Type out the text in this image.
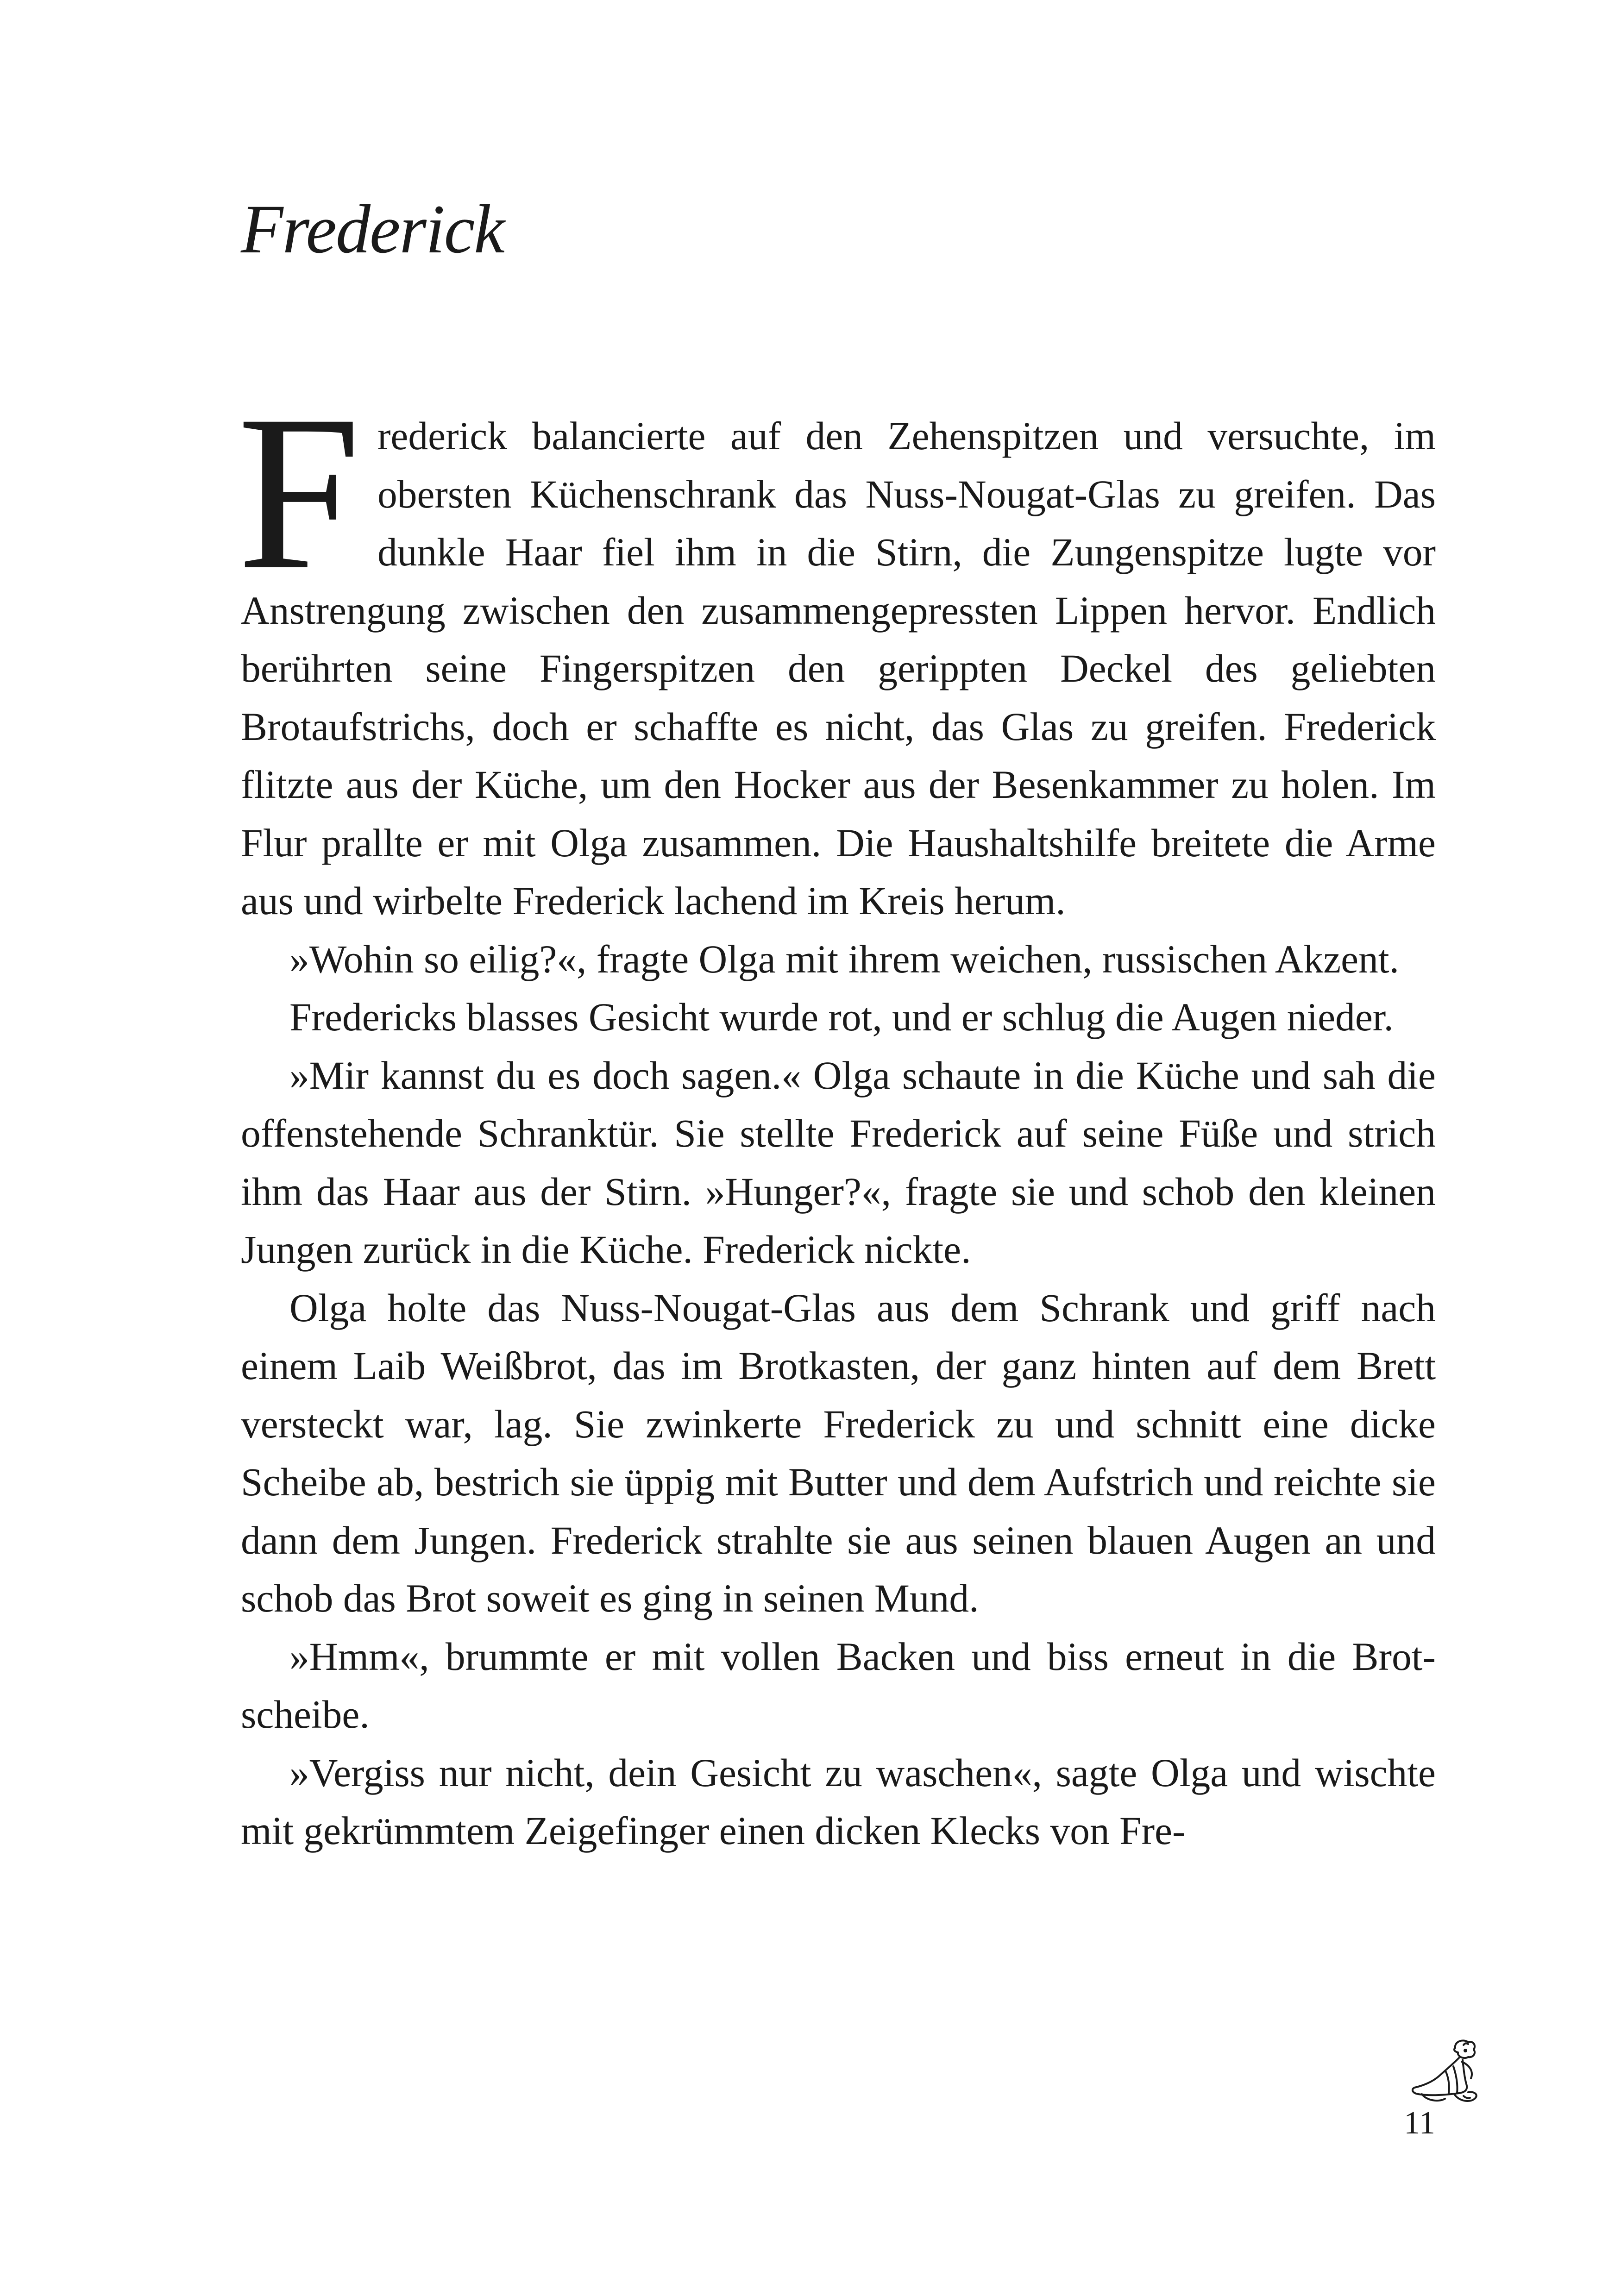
Frederick

Frederick balancierte auf den Zehenspitzen und versuchte, im obersten Küchenschrank das Nuss-Nougat-Glas zu greifen. Das dunkle Haar fiel ihm in die Stirn, die Zungenspitze lugte vor Anstrengung zwischen den zusammengepressten Lippen hervor. Endlich berührten seine Fingerspitzen den gerippten Deckel des geliebten Brotaufstrichs, doch er schaffte es nicht, das Glas zu greifen. Frederick flitzte aus der Küche, um den Hocker aus der Besenkammer zu holen. Im Flur prallte er mit Olga zusammen. Die Haushaltshilfe breitete die Arme aus und wirbelte Frederick lachend im Kreis herum.

»Wohin so eilig?«, fragte Olga mit ihrem weichen, russischen Akzent.

Fredericks blasses Gesicht wurde rot, und er schlug die Augen nieder.

»Mir kannst du es doch sagen.« Olga schaute in die Küche und sah die offenstehende Schranktür. Sie stellte Frederick auf seine Füße und strich ihm das Haar aus der Stirn. »Hunger?«, fragte sie und schob den kleinen Jungen zurück in die Küche. Frederick nickte.

Olga holte das Nuss-Nougat-Glas aus dem Schrank und griff nach einem Laib Weißbrot, das im Brotkasten, der ganz hinten auf dem Brett versteckt war, lag. Sie zwinkerte Frederick zu und schnitt eine dicke Scheibe ab, bestrich sie üppig mit Butter und dem Aufstrich und reichte sie dann dem Jungen. Frederick strahlte sie aus seinen blauen Augen an und schob das Brot soweit es ging in seinen Mund.

»Hmm«, brummte er mit vollen Backen und biss erneut in die Brotscheibe.

»Vergiss nur nicht, dein Gesicht zu waschen«, sagte Olga und wischte mit gekrümmtem Zeigefinger einen dicken Klecks von Fre-

11
